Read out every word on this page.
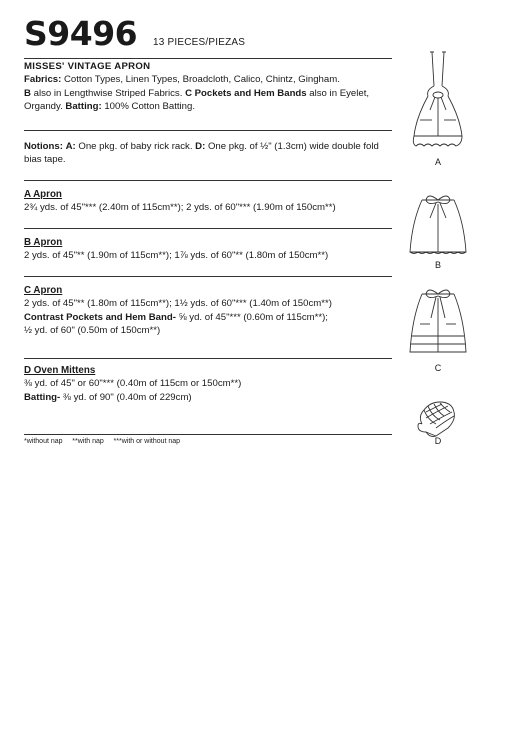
S9496 13 PIECES/PIEZAS

MISSES' VINTAGE APRON

Fabrics: Cotton Types, Linen Types, Broadcloth, Calico, Chintz, Gingham.

B also in Lengthwise Striped Fabrics. C Pockets and Hem Bands also in Eyelet, Organdy. Batting: 100% Cotton Batting.

Notions: A: One pkg. of baby rick rack. D: One pkg. of ½" (1.3cm) wide double fold bias tape.

A Apron

2¾ yds. of 45"*** (2.40m of 115cm**); 2 yds. of 60"*** (1.90m of 150cm**)

B Apron

2 yds. of 45"** (1.90m of 115cm**); 1⅞ yds. of 60"** (1.80m of 150cm**)

C Apron

2 yds. of 45"** (1.80m of 115cm**); 1½ yds. of 60"*** (1.40m of 150cm**)

Contrast Pockets and Hem Band- ⅝ yd. of 45"*** (0.60m of 115cm**);

½ yd. of 60" (0.50m of 150cm**)

D Oven Mittens

⅜ yd. of 45" or 60"*** (0.40m of 115cm or 150cm**)

Batting- ⅜ yd. of 90" (0.40m of 229cm)

*without nap **with nap ***with or without nap
A
B
C
D
